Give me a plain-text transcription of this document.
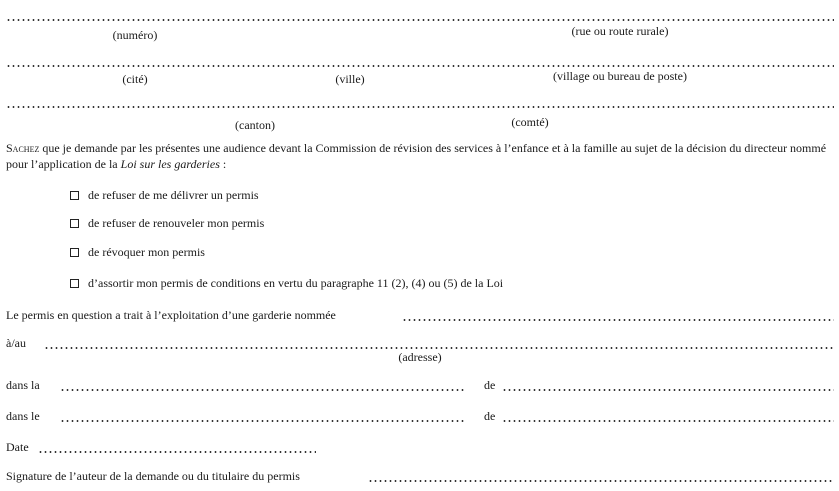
(numéro)	(rue ou route rurale)
(cité)	(ville)	(village ou bureau de poste)
(canton)	(comté)
Sachez que je demande par les présentes une audience devant la Commission de révision des services à l’enfance et à la famille au sujet de la décision du directeur nommé pour l’application de la Loi sur les garderies :
de refuser de me délivrer un permis
de refuser de renouveler mon permis
de révoquer mon permis
d’assortir mon permis de conditions en vertu du paragraphe 11 (2), (4) ou (5) de la Loi
Le permis en question a trait à l’exploitation d’une garderie nommée
à/au
(adresse)
dans la	de
dans le	de
Date
Signature de l’auteur de la demande ou du titulaire du permis
